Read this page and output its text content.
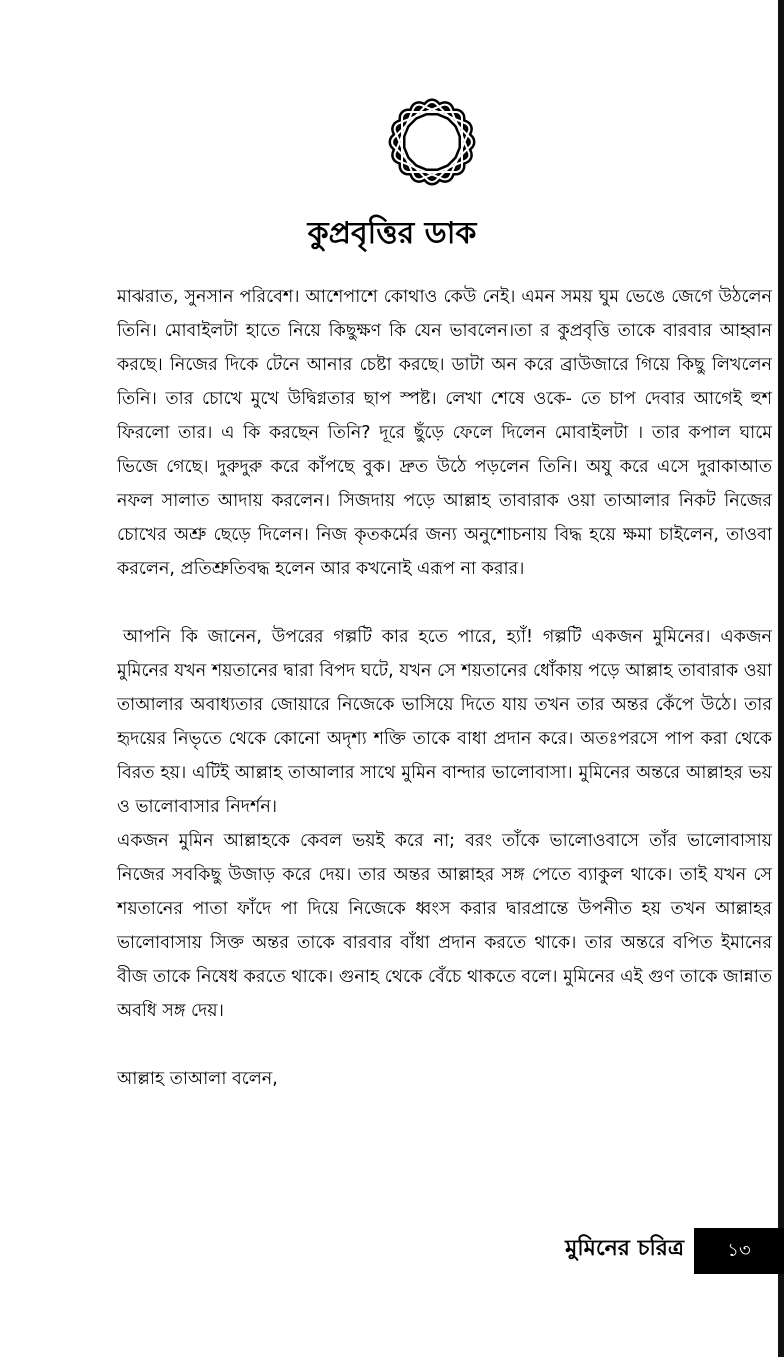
কুপ্রবৃত্তির ডাক

মাঝরাত, সুনসান পরিবেশ। আশেপাশে কোথাও কেউ নেই। এমন সময় ঘুম ভেঙে জেগে উঠলেন তিনি। মোবাইলটা হাতে নিয়ে কিছুক্ষণ কি যেন ভাবলেন।তা র কুপ্রবৃত্তি তাকে বারবার আহ্বান করছে। নিজের দিকে টেনে আনার চেষ্টা করছে। ডাটা অন করে ব্রাউজারে গিয়ে কিছু লিখলেন তিনি। তার চোখে মুখে উদ্বিগ্নতার ছাপ স্পষ্ট। লেখা শেষে ওকে- তে চাপ দেবার আগেই হুশ ফিরলো তার। এ কি করছেন তিনি? দূরে ছুঁড়ে ফেলে দিলেন মোবাইলটা । তার কপাল ঘামে ভিজে গেছে। দুরুদুরু করে কাঁপছে বুক। দ্রুত উঠে পড়লেন তিনি। অযু করে এসে দুরাকাআত নফল সালাত আদায় করলেন। সিজদায় পড়ে আল্লাহ তাবারাক ওয়া তাআলার নিকট নিজের চোখের অশ্রু ছেড়ে দিলেন। নিজ কৃতকর্মের জন্য অনুশোচনায় বিদ্ধ হয়ে ক্ষমা চাইলেন, তাওবা করলেন, প্রতিশ্রুতিবদ্ধ হলেন আর কখনোই এরূপ না করার।

আপনি কি জানেন, উপরের গল্পটি কার হতে পারে, হ্যাঁ! গল্পটি একজন মুমিনের। একজন মুমিনের যখন শয়তানের দ্বারা বিপদ ঘটে, যখন সে শয়তানের ধোঁকায় পড়ে আল্লাহ তাবারাক ওয়া তাআলার অবাধ্যতার জোয়ারে নিজেকে ভাসিয়ে দিতে যায় তখন তার অন্তর কেঁপে উঠে। তার হৃদয়ের নিভৃতে থেকে কোনো অদৃশ্য শক্তি তাকে বাধা প্রদান করে। অতঃপরসে পাপ করা থেকে বিরত হয়। এটিই আল্লাহ তাআলার সাথে মুমিন বান্দার ভালোবাসা। মুমিনের অন্তরে আল্লাহর ভয় ও ভালোবাসার নিদর্শন।

একজন মুমিন আল্লাহকে কেবল ভয়ই করে না; বরং তাঁকে ভালোওবাসে তাঁর ভালোবাসায় নিজের সবকিছু উজাড় করে দেয়। তার অন্তর আল্লাহর সঙ্গ পেতে ব্যাকুল থাকে। তাই যখন সে শয়তানের পাতা ফাঁদে পা দিয়ে নিজেকে ধ্বংস করার দ্বারপ্রান্তে উপনীত হয় তখন আল্লাহর ভালোবাসায় সিক্ত অন্তর তাকে বারবার বাঁধা প্রদান করতে থাকে। তার অন্তরে বপিত ইমানের বীজ তাকে নিষেধ করতে থাকে। গুনাহ থেকে বেঁচে থাকতে বলে। মুমিনের এই গুণ তাকে জান্নাত অবধি সঙ্গ দেয়।

আল্লাহ তাআলা বলেন,

মুমিনের চরিত্র	১৩
